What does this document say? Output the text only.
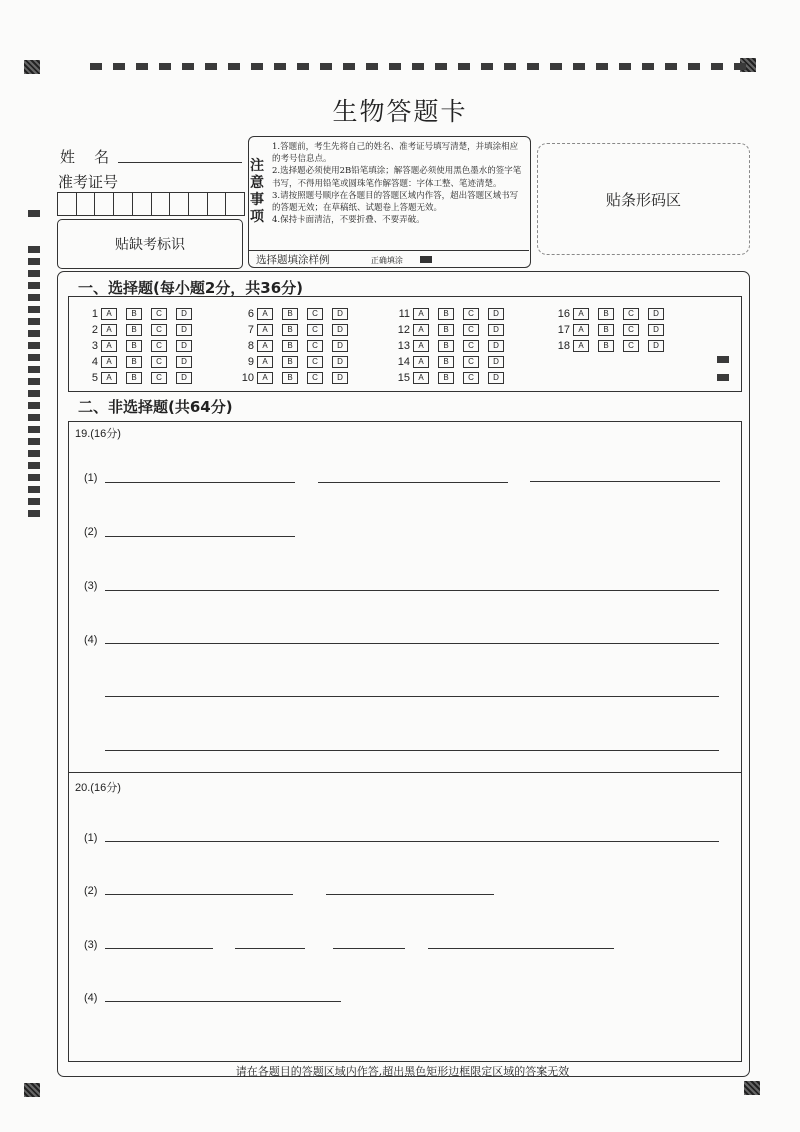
生物答题卡
姓    名
准考证号
贴缺考标识
注意事项
1.答题前，考生先将自己的姓名、准考证号填写清楚，并填涂相应的考号信息点。
2.选择题必须使用2B铅笔填涂；解答题必须使用黑色墨水的签字笔书写，不得用铅笔或圆珠笔作解答题：字体工整、笔迹清楚。
3.请按照题号顺序在各题目的答题区域内作答，超出答题区域书写的答题无效；在草稿纸、试题卷上答题无效。
4.保持卡面清洁，不要折叠、不要弄破。
选择题填涂样例	正确填涂
贴条形码区
一、选择题(每小题2分，共36分)
1	A	B	C	D
2	A	B	C	D
3	A	B	C	D
4	A	B	C	D
5	A	B	C	D
6	A	B	C	D
7	A	B	C	D
8	A	B	C	D
9	A	B	C	D
10	A	B	C	D
11	A	B	C	D
12	A	B	C	D
13	A	B	C	D
14	A	B	C	D
15	A	B	C	D
16	A	B	C	D
17	A	B	C	D
18	A	B	C	D
二、非选择题(共64分)
19.(16分)
(1)
(2)
(3)
(4)
20.(16分)
(1)
(2)
(3)
(4)
请在各题目的答题区域内作答,超出黑色矩形边框限定区域的答案无效
